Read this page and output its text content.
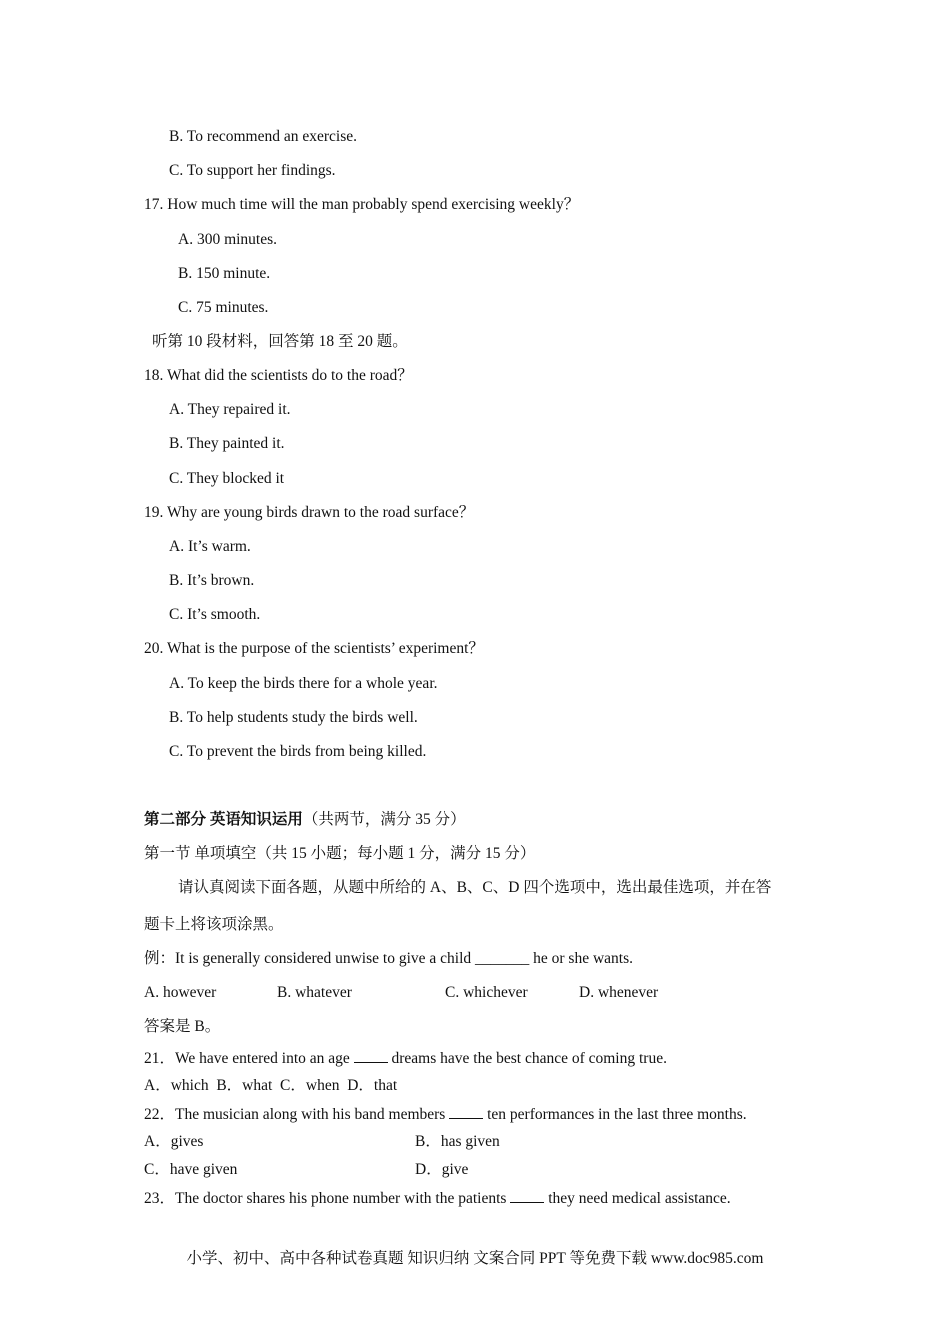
B. To recommend an exercise.
C. To support her findings.
17. How much time will the man probably spend exercising weekly？
A. 300 minutes.
B. 150 minute.
C. 75 minutes.
听第 10 段材料，回答第 18 至 20 题。
18. What did the scientists do to the road？
A. They repaired it.
B. They painted it.
C. They blocked it
19. Why are young birds drawn to the road surface？
A. It’s warm.
B. It’s brown.
C. It’s smooth.
20. What is the purpose of the scientists’ experiment？
A. To keep the birds there for a whole year.
B. To help students study the birds well.
C. To prevent the birds from being killed.
第二部分 英语知识运用（共两节，满分 35 分）
第一节 单项填空（共 15 小题；每小题 1 分，满分 15 分）
请认真阅读下面各题，从题中所给的 A、B、C、D 四个选项中，选出最佳选项，并在答
题卡上将该项涂黑。
例：It is generally considered unwise to give a child _______ he or she wants.
A. however	B. whatever	C. whichever	D. whenever
答案是 B。
21．We have entered into an age  dreams have the best chance of coming true.
A．which  B．what  C．when  D．that
22．The musician along with his band members  ten performances in the last three months.
A．gives	B．has given
C．have given	D．give
23．The doctor shares his phone number with the patients  they need medical assistance.
小学、初中、高中各种试卷真题 知识归纳 文案合同 PPT 等免费下载 www.doc985.com
